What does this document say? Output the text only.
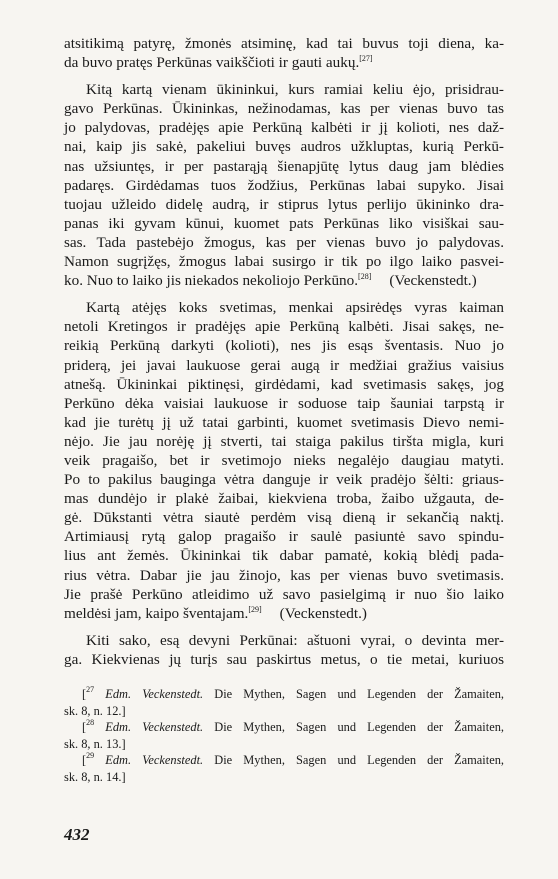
atsitikimą patyrę, žmonės atsiminę, kad tai buvus toji diena, ka-
da buvo pratęs Perkūnas vaikščioti ir gauti aukų.[27]
Kitą kartą vienam ūkininkui, kurs ramiai keliu ėjo, prisidrau-
gavo Perkūnas. Ūkininkas, nežinodamas, kas per vienas buvo tas
jo palydovas, pradėjęs apie Perkūną kalbėti ir jį kolioti, nes daž-
nai, kaip jis sakė, pakeliui buvęs audros užkluptas, kurią Perkū-
nas užsiuntęs, ir per pastarąją šienapjūtę lytus daug jam blėdies
padaręs. Girdėdamas tuos žodžius, Perkūnas labai supyko. Jisai
tuojau užleido didelę audrą, ir stiprus lytus perlijo ūkininko dra-
panas iki gyvam kūnui, kuomet pats Perkūnas liko visiškai sau-
sas. Tada pastebėjo žmogus, kas per vienas buvo jo palydovas.
Namon sugrįžęs, žmogus labai susirgo ir tik po ilgo laiko pasvei-
ko. Nuo to laiko jis niekados nekoliojo Perkūno.[28] (Veckenstedt.)
Kartą atėjęs koks svetimas, menkai apsirėdęs vyras kaiman
netoli Kretingos ir pradėjęs apie Perkūną kalbėti. Jisai sakęs, ne-
reikią Perkūną darkyti (kolioti), nes jis esąs šventasis. Nuo jo
priderą, jei javai laukuose gerai augą ir medžiai gražius vaisius
atnešą. Ūkininkai piktinęsi, girdėdami, kad svetimasis sakęs, jog
Perkūno dėka vaisiai laukuose ir soduose taip šauniai tarpstą ir
kad jie turėtų jį už tatai garbinti, kuomet svetimasis Dievo nemi-
nėjo. Jie jau norėję jį stverti, tai staiga pakilus tiršta migla, kuri
veik pragaišo, bet ir svetimojo nieks negalėjo daugiau matyti.
Po to pakilus bauginga vėtra danguje ir veik pradėjo šėlti: griaus-
mas dundėjo ir plakė žaibai, kiekviena troba, žaibo užgauta, de-
gė. Dūkstanti vėtra siautė perdėm visą dieną ir sekančią naktį.
Artimiausį rytą galop pragaišo ir saulė pasiuntė savo spindu-
lius ant žemės. Ūkininkai tik dabar pamatė, kokią blėdį pada-
rius vėtra. Dabar jie jau žinojo, kas per vienas buvo svetimasis.
Jie prašė Perkūno atleidimo už savo pasielgimą ir nuo šio laiko
meldėsi jam, kaipo šventajam.[29] (Veckenstedt.)
Kiti sako, esą devyni Perkūnai: aštuoni vyrai, o devinta mer-
ga. Kiekvienas jų turįs sau paskirtus metus, o tie metai, kuriuos
[$^{27}$ Edm. Veckenstedt. Die Mythen, Sagen und Legenden der Žamaiten,
sk. 8, n. 12.]
[$^{28}$ Edm. Veckenstedt. Die Mythen, Sagen und Legenden der Žamaiten,
sk. 8, n. 13.]
[$^{29}$ Edm. Veckenstedt. Die Mythen, Sagen und Legenden der Žamaiten,
sk. 8, n. 14.]
432
